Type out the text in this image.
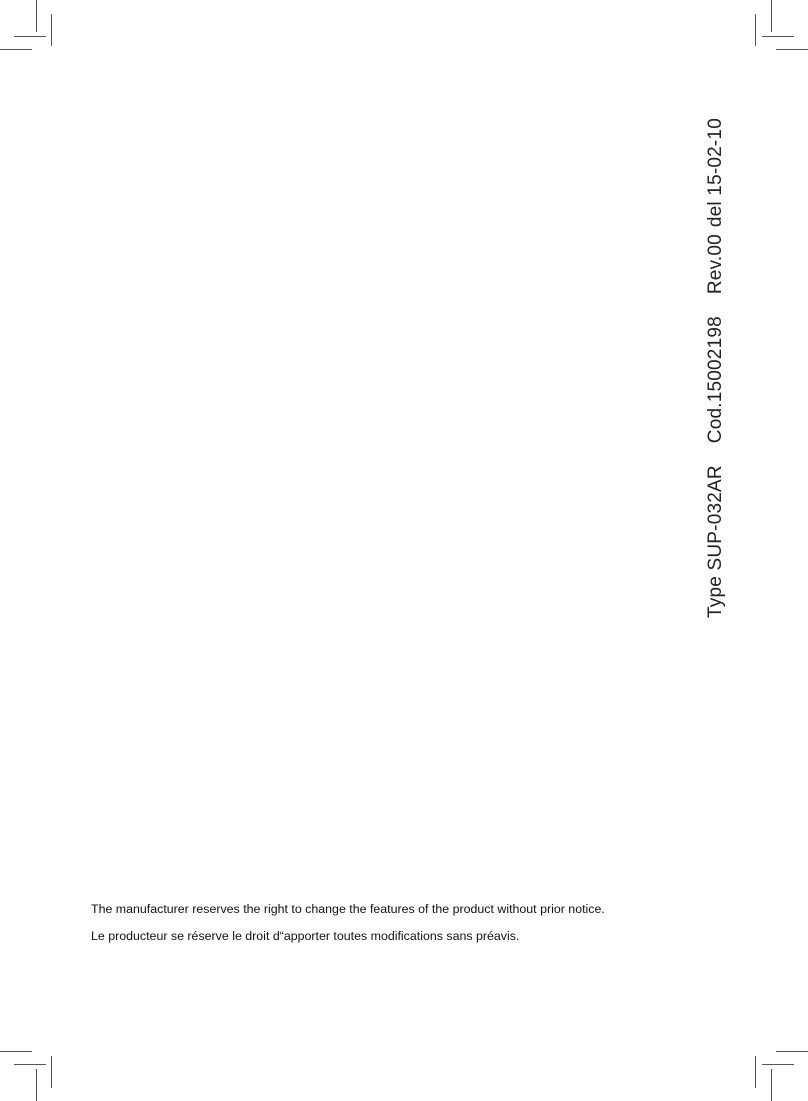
Type SUP-032ARCod.15002198Rev.00del 15-02-10
The manufacturer reserves the right to change the features of the product without prior notice.
Le producteur se réserve le droit d“apporter toutes modifications sans préavis.
